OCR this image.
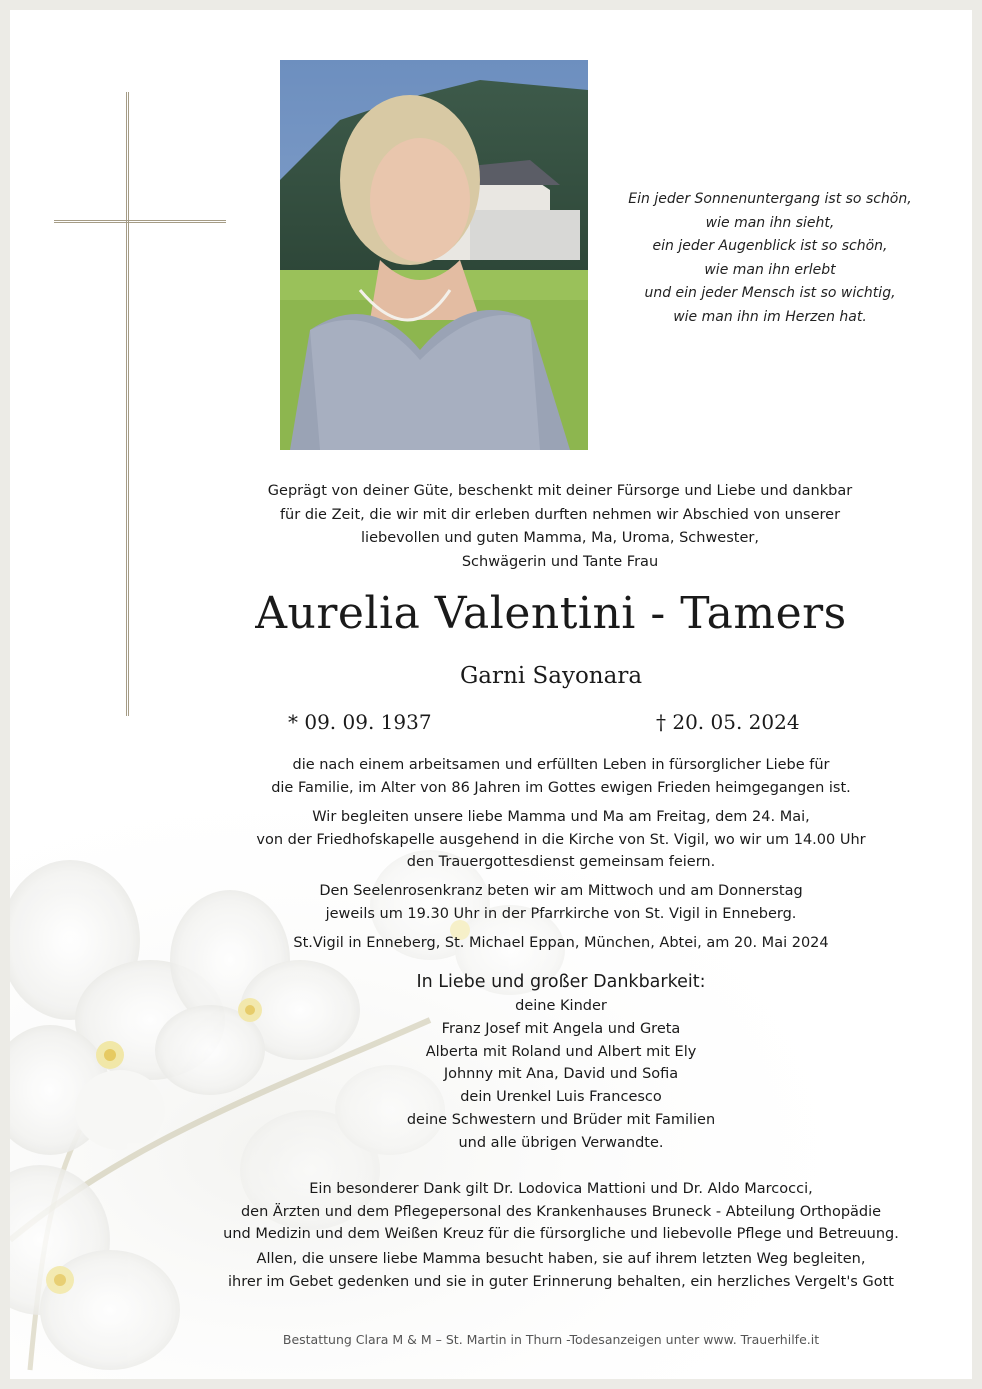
Ein jeder Sonnenuntergang ist so schön,
wie man ihn sieht,
ein jeder Augenblick ist so schön,
wie man ihn erlebt
und ein jeder Mensch ist so wichtig,
wie man ihn im Herzen hat.
Geprägt von deiner Güte, beschenkt mit deiner Fürsorge und Liebe und dankbar
für die Zeit, die wir mit dir erleben durften nehmen wir Abschied von unserer
liebevollen und guten Mamma, Ma, Uroma, Schwester,
Schwägerin und Tante Frau
Aurelia Valentini - Tamers
Garni Sayonara
* 09. 09. 1937	† 20. 05. 2024
die nach einem arbeitsamen und erfüllten Leben in fürsorglicher Liebe für
die Familie, im Alter von 86 Jahren im Gottes ewigen Frieden heimgegangen ist.
Wir begleiten unsere liebe Mamma und Ma am Freitag, dem 24. Mai,
von der Friedhofskapelle ausgehend in die Kirche von St. Vigil, wo wir um 14.00 Uhr
den Trauergottesdienst gemeinsam feiern.
Den Seelenrosenkranz beten wir am Mittwoch und am Donnerstag
jeweils um 19.30 Uhr in der Pfarrkirche von St. Vigil in Enneberg.
St.Vigil in Enneberg, St. Michael Eppan, München, Abtei, am 20. Mai 2024
In Liebe und großer Dankbarkeit:
deine Kinder
Franz Josef mit Angela und Greta
Alberta mit Roland und Albert mit Ely
Johnny mit Ana, David und Sofia
dein Urenkel Luis Francesco
deine Schwestern und Brüder mit Familien
und alle übrigen Verwandte.
Ein besonderer Dank gilt Dr. Lodovica Mattioni und Dr. Aldo Marcocci,
den Ärzten und dem Pflegepersonal des Krankenhauses Bruneck - Abteilung Orthopädie
und Medizin und dem Weißen Kreuz für die fürsorgliche und liebevolle Pflege und Betreuung.
Allen, die unsere liebe Mamma besucht haben, sie auf ihrem letzten Weg begleiten,
ihrer im Gebet gedenken und sie in guter Erinnerung behalten, ein herzliches Vergelt's Gott
Bestattung Clara M & M – St. Martin in Thurn -Todesanzeigen unter www. Trauerhilfe.it
